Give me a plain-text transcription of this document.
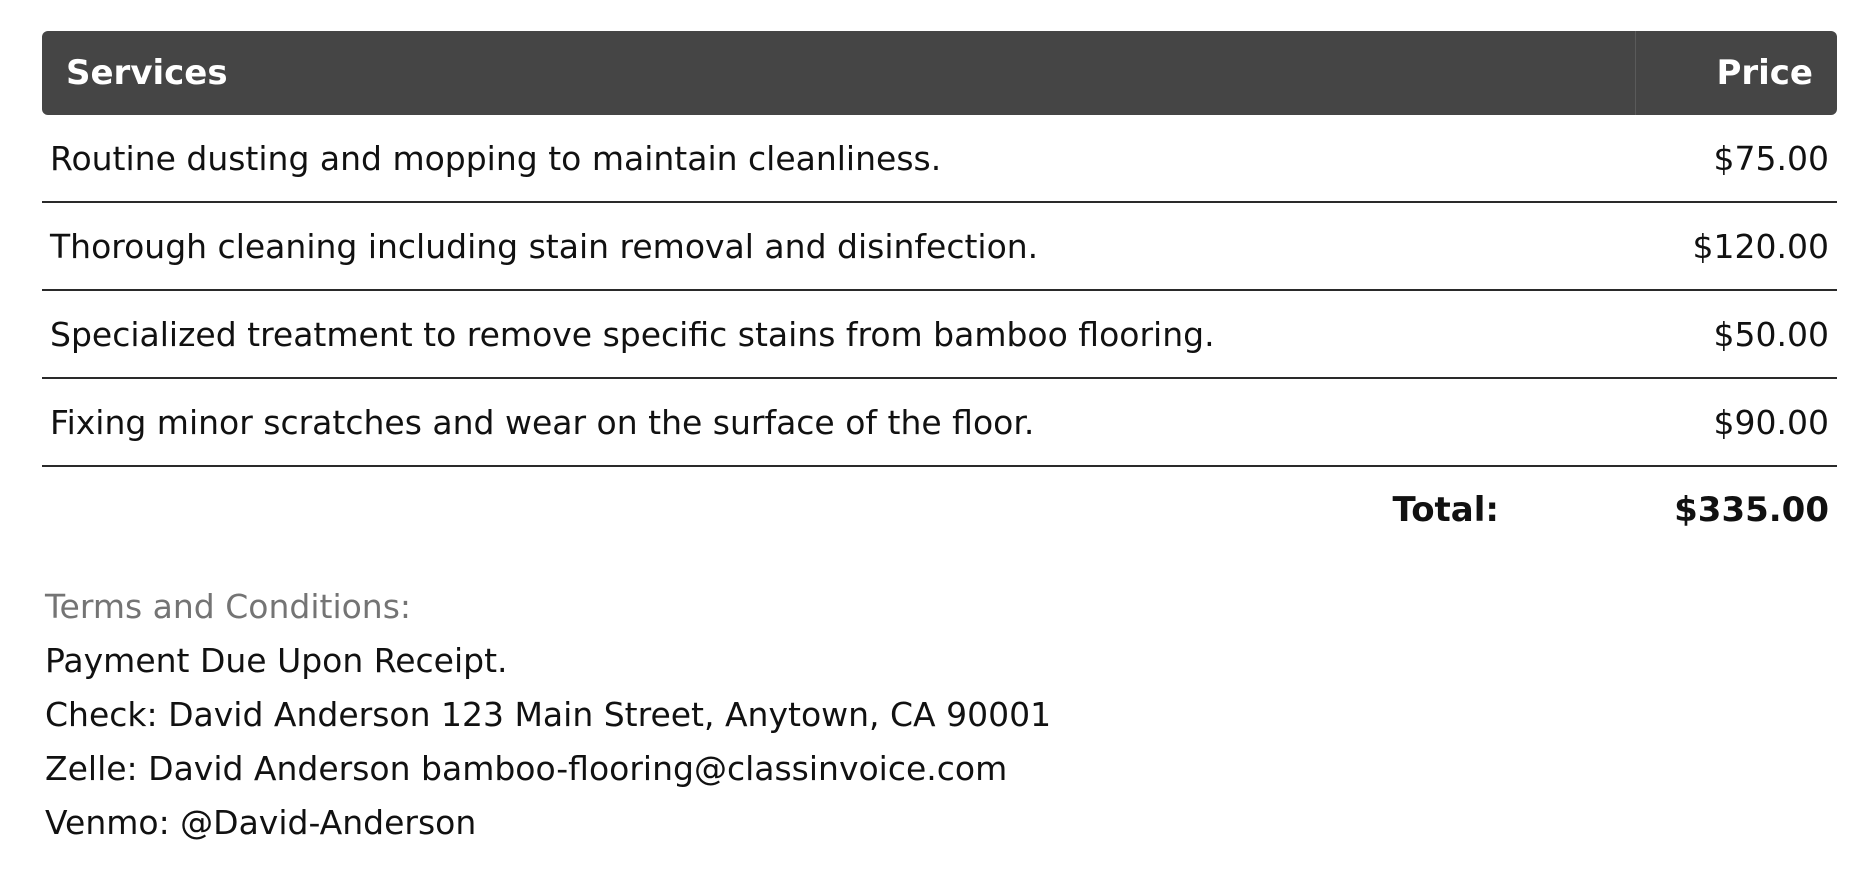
Services	Price
Routine dusting and mopping to maintain cleanliness.	$75.00
Thorough cleaning including stain removal and disinfection.	$120.00
Specialized treatment to remove specific stains from bamboo flooring.	$50.00
Fixing minor scratches and wear on the surface of the floor.	$90.00
Total:	$335.00
Terms and Conditions:
Payment Due Upon Receipt.
Check: David Anderson 123 Main Street, Anytown, CA 90001
Zelle: David Anderson bamboo-flooring@classinvoice.com
Venmo: @David-Anderson
